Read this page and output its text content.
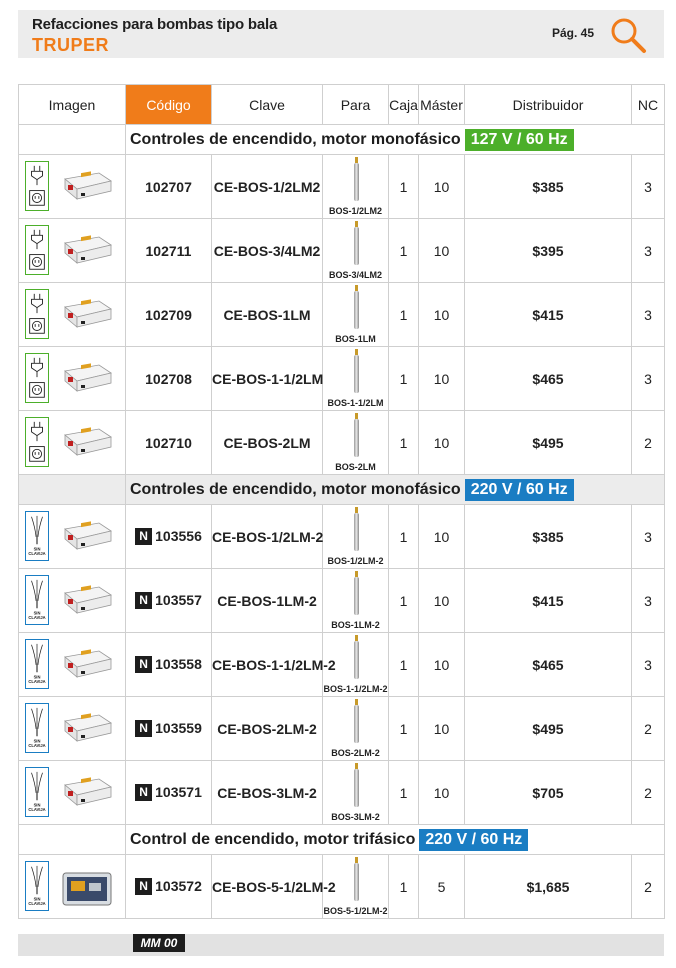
Refacciones para bombas tipo bala
TRUPER
Pág. 45
Imagen	Código	Clave	Para	Caja	Máster	Distribuidor	NC
	Controles de encendido, motor monofásico 127 V / 60 Hz						

	102707	CE-BOS-1/2LM2	BOS-1/2LM2	1	10	$385	3

	102711	CE-BOS-3/4LM2	BOS-3/4LM2	1	10	$395	3

	102709	CE-BOS-1LM	BOS-1LM	1	10	$415	3

	102708	CE-BOS-1-1/2LM	BOS-1-1/2LM	1	10	$465	3

	102710	CE-BOS-2LM	BOS-2LM	1	10	$495	2
	Controles de encendido, motor monofásico 220 V / 60 Hz						

SIN
CLAVIJA	N 103556	CE-BOS-1/2LM-2	BOS-1/2LM-2	1	10	$385	3

SIN
CLAVIJA	N 103557	CE-BOS-1LM-2	BOS-1LM-2	1	10	$415	3

SIN
CLAVIJA	N 103558	CE-BOS-1-1/2LM-2	BOS-1-1/2LM-2	1	10	$465	3

SIN
CLAVIJA	N 103559	CE-BOS-2LM-2	BOS-2LM-2	1	10	$495	2

SIN
CLAVIJA	N 103571	CE-BOS-3LM-2	BOS-3LM-2	1	10	$705	2
	Control de encendido, motor trifásico 220 V / 60 Hz						

SIN
CLAVIJA	N 103572	CE-BOS-5-1/2LM-2	BOS-5-1/2LM-2	1	5	$1,685	2
MM 00
